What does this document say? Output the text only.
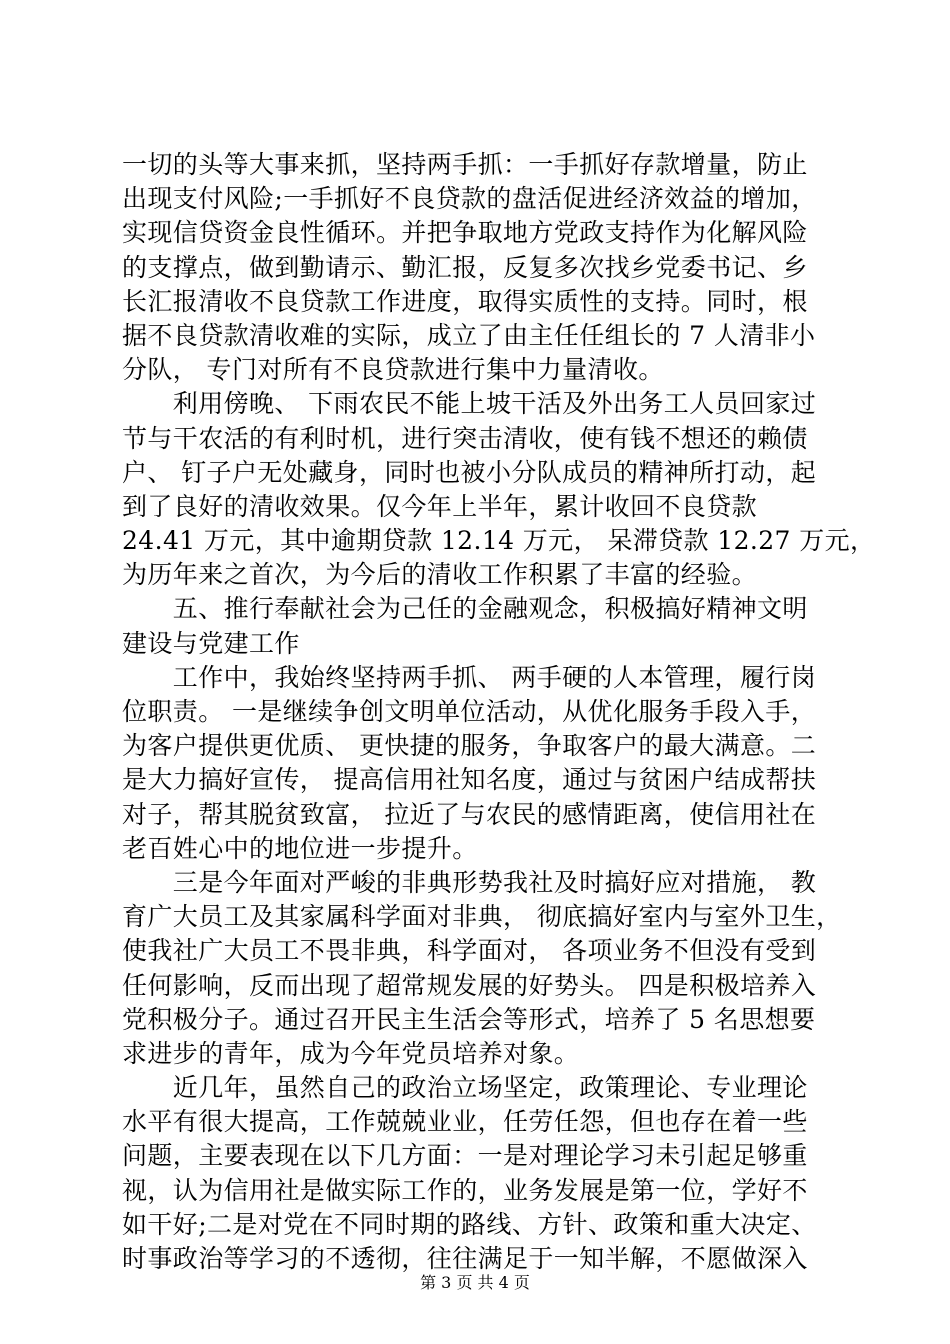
一切的头等大事来抓，坚持两手抓：一手抓好存款增量，防止
出现支付风险;一手抓好不良贷款的盘活促进经济效益的增加，
实现信贷资金良性循环。并把争取地方党政支持作为化解风险
的支撑点，做到勤请示、勤汇报，反复多次找乡党委书记、乡
长汇报清收不良贷款工作进度，取得实质性的支持。同时，根
据不良贷款清收难的实际，成立了由主任任组长的 7 人清非小
分队， 专门对所有不良贷款进行集中力量清收。
　　利用傍晚、 下雨农民不能上坡干活及外出务工人员回家过
节与干农活的有利时机，进行突击清收，使有钱不想还的赖债
户、 钉子户无处藏身，同时也被小分队成员的精神所打动，起
到了良好的清收效果。仅今年上半年，累计收回不良贷款
24.41 万元，其中逾期贷款 12.14 万元， 呆滞贷款 12.27 万元，
为历年来之首次，为今后的清收工作积累了丰富的经验。
　　五、推行奉献社会为己任的金融观念，积极搞好精神文明
建设与党建工作
　　工作中，我始终坚持两手抓、 两手硬的人本管理，履行岗
位职责。 一是继续争创文明单位活动，从优化服务手段入手，
为客户提供更优质、 更快捷的服务，争取客户的最大满意。二
是大力搞好宣传， 提高信用社知名度，通过与贫困户结成帮扶
对子，帮其脱贫致富， 拉近了与农民的感情距离，使信用社在
老百姓心中的地位进一步提升。
　　三是今年面对严峻的非典形势我社及时搞好应对措施， 教
育广大员工及其家属科学面对非典， 彻底搞好室内与室外卫生，
使我社广大员工不畏非典，科学面对， 各项业务不但没有受到
任何影响，反而出现了超常规发展的好势头。 四是积极培养入
党积极分子。通过召开民主生活会等形式，培养了 5 名思想要
求进步的青年，成为今年党员培养对象。
　　近几年，虽然自己的政治立场坚定，政策理论、专业理论
水平有很大提高，工作兢兢业业，任劳任怨，但也存在着一些
问题，主要表现在以下几方面：一是对理论学习未引起足够重
视，认为信用社是做实际工作的，业务发展是第一位，学好不
如干好;二是对党在不同时期的路线、方针、政策和重大决定、
时事政治等学习的不透彻，往往满足于一知半解，不愿做深入
第 3 页 共 4 页
